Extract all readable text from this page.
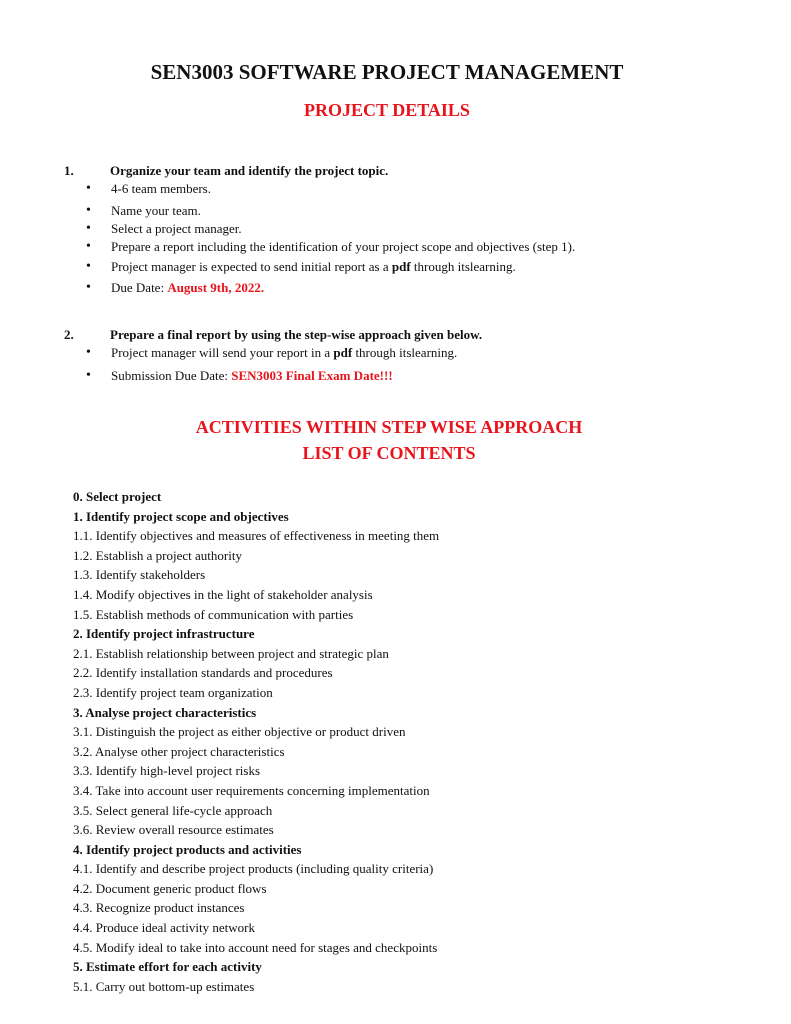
SEN3003 SOFTWARE PROJECT MANAGEMENT
PROJECT DETAILS

1.	Organize your team and identify the project topic.

• 4-6 team members.
• Name your team.
• Select a project manager.
• Prepare a report including the identification of your project scope and objectives (step 1).
• Project manager is expected to send initial report as a pdf through itslearning.
• Due Date: August 9th, 2022.

2.	Prepare a final report by using the step-wise approach given below.

• Project manager will send your report in a pdf through itslearning.
• Submission Due Date: SEN3003 Final Exam Date!!!
ACTIVITIES WITHIN STEP WISE APPROACH
LIST OF CONTENTS
0. Select project
1. Identify project scope and objectives
1.1. Identify objectives and measures of effectiveness in meeting them
1.2. Establish a project authority
1.3. Identify stakeholders
1.4. Modify objectives in the light of stakeholder analysis
1.5. Establish methods of communication with parties
2. Identify project infrastructure
2.1. Establish relationship between project and strategic plan
2.2. Identify installation standards and procedures
2.3. Identify project team organization
3. Analyse project characteristics
3.1. Distinguish the project as either objective or product driven
3.2. Analyse other project characteristics
3.3. Identify high-level project risks
3.4. Take into account user requirements concerning implementation
3.5. Select general life-cycle approach
3.6. Review overall resource estimates
4. Identify project products and activities
4.1. Identify and describe project products (including quality criteria)
4.2. Document generic product flows
4.3. Recognize product instances
4.4. Produce ideal activity network
4.5. Modify ideal to take into account need for stages and checkpoints
5. Estimate effort for each activity
5.1. Carry out bottom-up estimates
